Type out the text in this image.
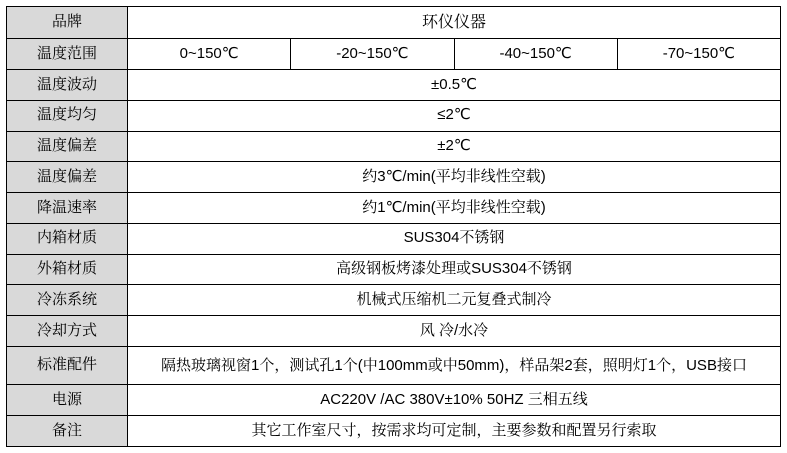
品牌	环仪仪器			
温度范围	0~150℃	-20~150℃	-40~150℃	-70~150℃
温度波动	±0.5℃			
温度均匀	≤2℃			
温度偏差	±2℃			
温度偏差	约3℃/min(平均非线性空载)			
降温速率	约1℃/min(平均非线性空载)			
内箱材质	SUS304不锈钢			
外箱材质	高级钢板烤漆处理或SUS304不锈钢			
冷冻系统	机械式压缩机二元复叠式制冷			
冷却方式	风 冷/水冷			
标准配件	隔热玻璃视窗1个，测试孔1个(中100mm或中50mm)，样品架2套，照明灯1个，USB接口			
电源	AC220V /AC 380V±10% 50HZ 三相五线			
备注	其它工作室尺寸，按需求均可定制，主要参数和配置另行索取			
